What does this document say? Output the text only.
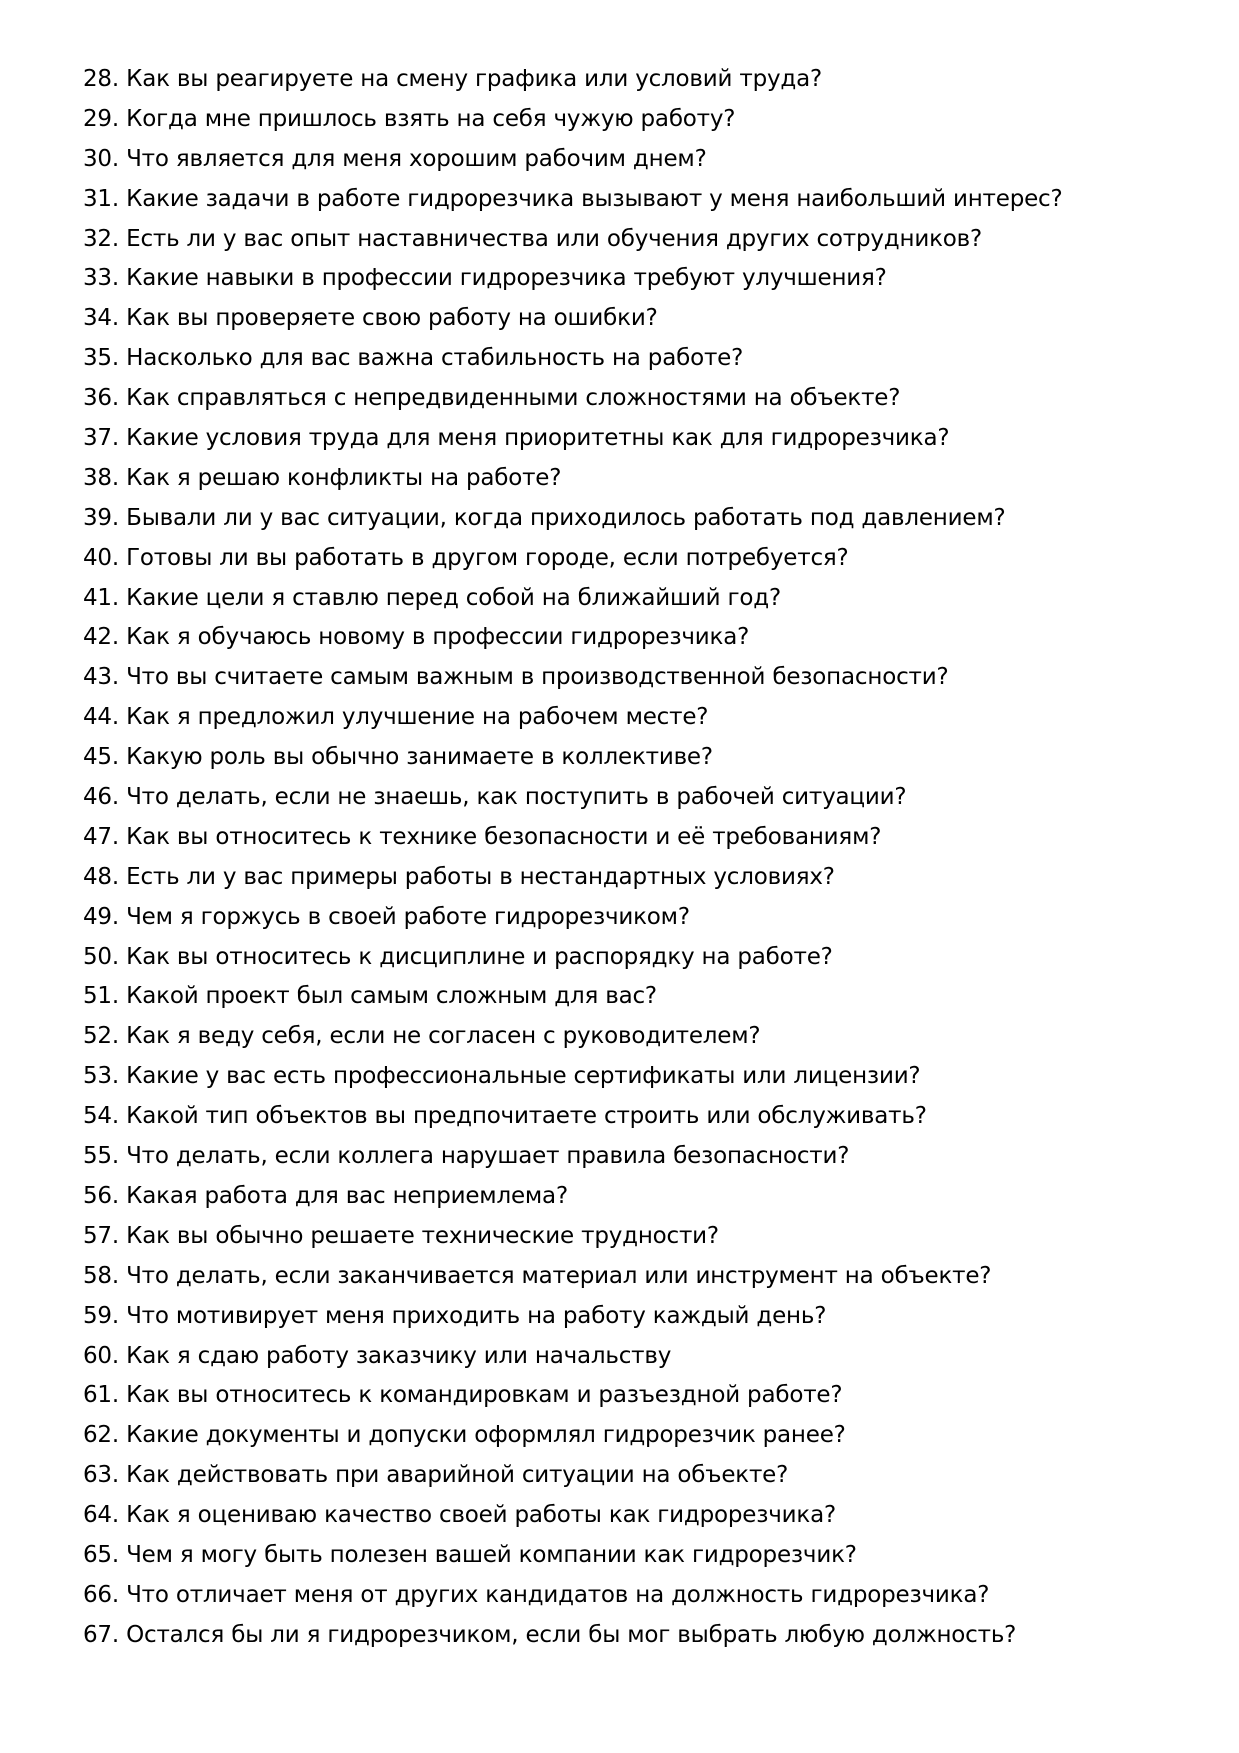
28. Как вы реагируете на смену графика или условий труда?
29. Когда мне пришлось взять на себя чужую работу?
30. Что является для меня хорошим рабочим днем?
31. Какие задачи в работе гидрорезчика вызывают у меня наибольший интерес?
32. Есть ли у вас опыт наставничества или обучения других сотрудников?
33. Какие навыки в профессии гидрорезчика требуют улучшения?
34. Как вы проверяете свою работу на ошибки?
35. Насколько для вас важна стабильность на работе?
36. Как справляться с непредвиденными сложностями на объекте?
37. Какие условия труда для меня приоритетны как для гидрорезчика?
38. Как я решаю конфликты на работе?
39. Бывали ли у вас ситуации, когда приходилось работать под давлением?
40. Готовы ли вы работать в другом городе, если потребуется?
41. Какие цели я ставлю перед собой на ближайший год?
42. Как я обучаюсь новому в профессии гидрорезчика?
43. Что вы считаете самым важным в производственной безопасности?
44. Как я предложил улучшение на рабочем месте?
45. Какую роль вы обычно занимаете в коллективе?
46. Что делать, если не знаешь, как поступить в рабочей ситуации?
47. Как вы относитесь к технике безопасности и её требованиям?
48. Есть ли у вас примеры работы в нестандартных условиях?
49. Чем я горжусь в своей работе гидрорезчиком?
50. Как вы относитесь к дисциплине и распорядку на работе?
51. Какой проект был самым сложным для вас?
52. Как я веду себя, если не согласен с руководителем?
53. Какие у вас есть профессиональные сертификаты или лицензии?
54. Какой тип объектов вы предпочитаете строить или обслуживать?
55. Что делать, если коллега нарушает правила безопасности?
56. Какая работа для вас неприемлема?
57. Как вы обычно решаете технические трудности?
58. Что делать, если заканчивается материал или инструмент на объекте?
59. Что мотивирует меня приходить на работу каждый день?
60. Как я сдаю работу заказчику или начальству
61. Как вы относитесь к командировкам и разъездной работе?
62. Какие документы и допуски оформлял гидрорезчик ранее?
63. Как действовать при аварийной ситуации на объекте?
64. Как я оцениваю качество своей работы как гидрорезчика?
65. Чем я могу быть полезен вашей компании как гидрорезчик?
66. Что отличает меня от других кандидатов на должность гидрорезчика?
67. Остался бы ли я гидрорезчиком, если бы мог выбрать любую должность?
